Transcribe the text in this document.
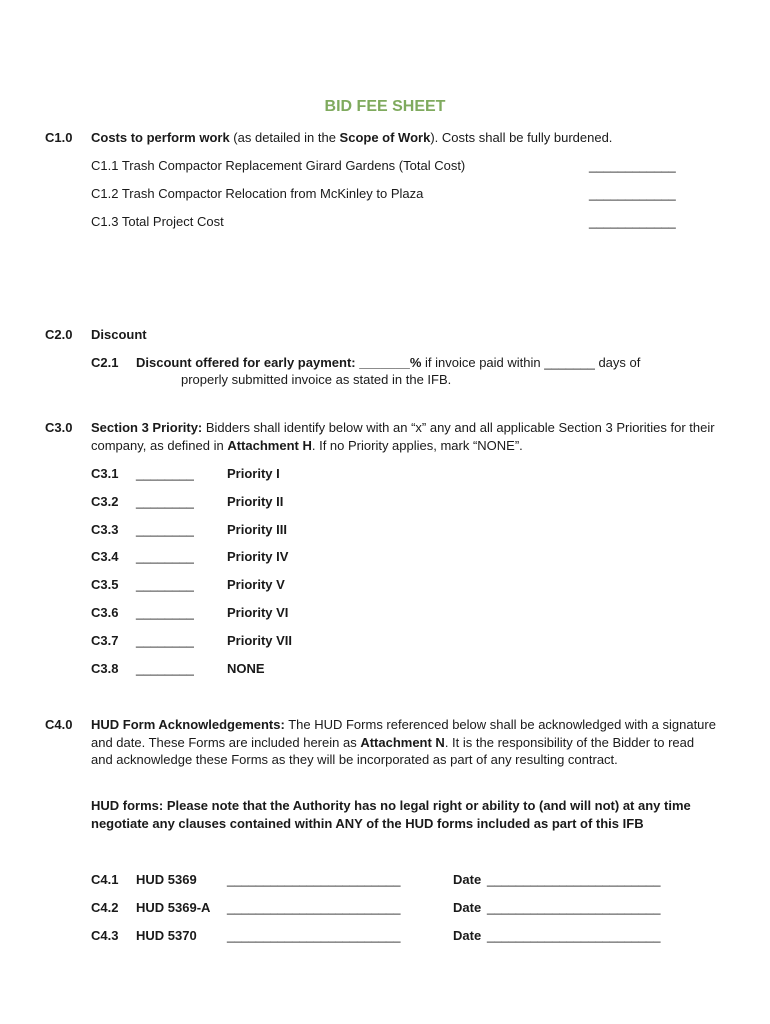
BID FEE SHEET
C1.0 Costs to perform work (as detailed in the Scope of Work). Costs shall be fully burdened.
C1.1 Trash Compactor Replacement Girard Gardens (Total Cost)	____________
C1.2 Trash Compactor Relocation from McKinley to Plaza	____________
C1.3 Total Project Cost	____________
C2.0 Discount
C2.1 Discount offered for early payment: _______% if invoice paid within _______ days of
properly submitted invoice as stated in the IFB.
C3.0 Section 3 Priority: Bidders shall identify below with an “x” any and all applicable Section 3 Priorities for their company, as defined in Attachment H. If no Priority applies, mark “NONE”.
C3.1 ________	Priority I
C3.2 ________	Priority II
C3.3 ________	Priority III
C3.4 ________	Priority IV
C3.5 ________	Priority V
C3.6 ________	Priority VI
C3.7 ________	Priority VII
C3.8 ________	NONE
C4.0 HUD Form Acknowledgements: The HUD Forms referenced below shall be acknowledged with a signature and date. These Forms are included herein as Attachment N. It is the responsibility of the Bidder to read and acknowledge these Forms as they will be incorporated as part of any resulting contract.
HUD forms: Please note that the Authority has no legal right or ability to (and will not) at any time negotiate any clauses contained within ANY of the HUD forms included as part of this IFB
C4.1 HUD 5369 ________________________	Date ________________________
C4.2 HUD 5369-A ________________________	Date ________________________
C4.3 HUD 5370 ________________________	Date ________________________
